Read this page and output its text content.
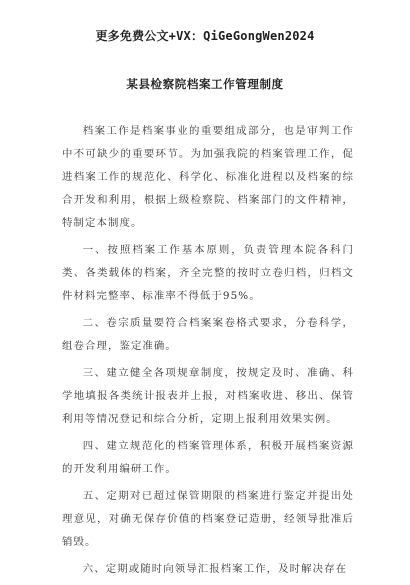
更多免费公文+VX：QiGeGongWen2024
某县检察院档案工作管理制度

档案工作是档案事业的重要组成部分，也是审判工作中不可缺少的重要环节。为加强我院的档案管理工作，促进档案工作的规范化、科学化、标准化进程以及档案的综合开发和利用，根据上级检察院、档案部门的文件精神，特制定本制度。

一、按照档案工作基本原则，负责管理本院各科门类、各类载体的档案，齐全完整的按时立卷归档，归档文件材料完整率、标准率不得低于95%。

二、卷宗质量要符合档案案卷格式要求，分卷科学，组卷合理，鉴定准确。

三、建立健全各项规章制度，按规定及时、准确、科学地填报各类统计报表并上报，对档案收进、移出、保管利用等情况登记和综合分析，定期上报利用效果实例。

四、建立规范化的档案管理体系，积极开展档案资源的开发利用编研工作。

五、定期对已超过保管期限的档案进行鉴定并提出处理意见，对确无保存价值的档案登记造册，经领导批准后销毁。

六、定期或随时向领导汇报档案工作，及时解决存在
